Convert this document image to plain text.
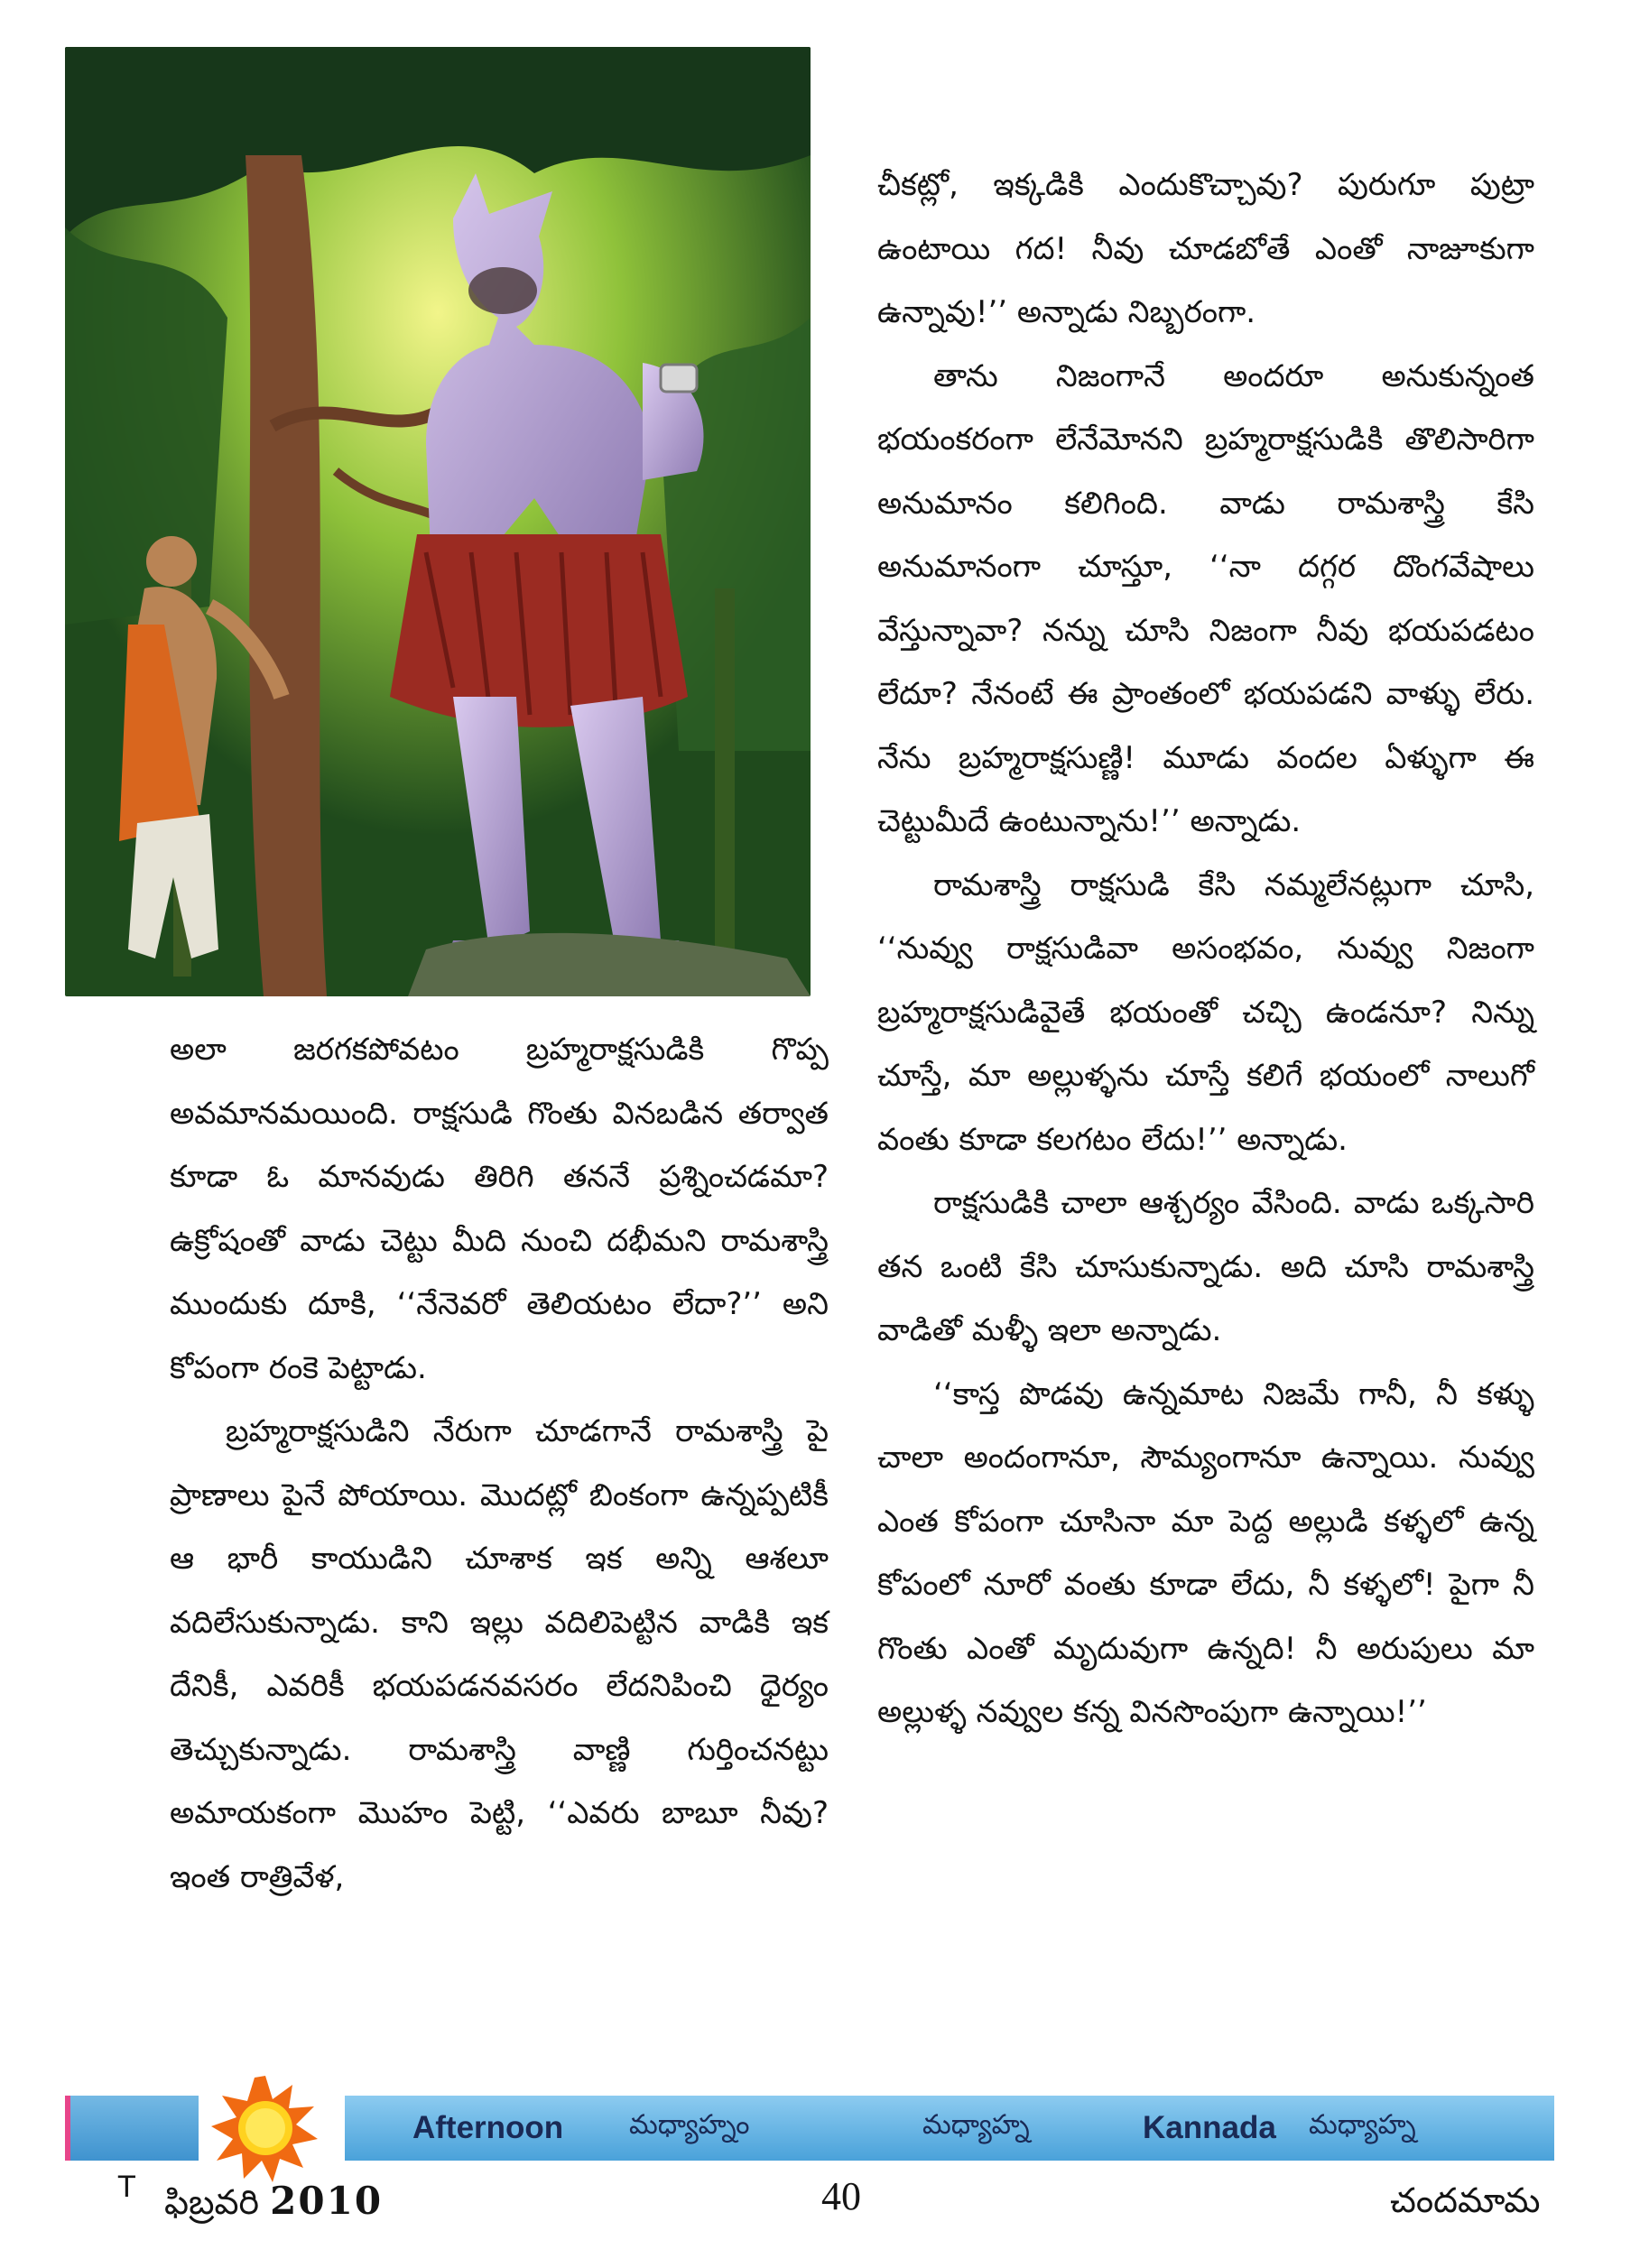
అలా జరగకపోవటం బ్రహ్మరాక్షసుడికి గొప్ప అవమానమయింది. రాక్షసుడి గొంతు వినబడిన తర్వాత కూడా ఓ మానవుడు తిరిగి తననే ప్రశ్నించడమా? ఉక్రోషంతో వాడు చెట్టు మీది నుంచి దభీమని రామశాస్త్రి ముందుకు దూకి, ‘‘నేనెవరో తెలియటం లేదా?’’ అని కోపంగా రంకె పెట్టాడు.

బ్రహ్మరాక్షసుడిని నేరుగా చూడగానే రామశాస్త్రి పై ప్రాణాలు పైనే పోయాయి. మొదట్లో బింకంగా ఉన్నప్పటికీ ఆ భారీ కాయుడిని చూశాక ఇక అన్ని ఆశలూ వదిలేసుకున్నాడు. కాని ఇల్లు వదిలిపెట్టిన వాడికి ఇక దేనికీ, ఎవరికీ భయపడనవసరం లేదనిపించి ధైర్యం తెచ్చుకున్నాడు. రామశాస్త్రి వాణ్ణి గుర్తించనట్టు అమాయకంగా మొహం పెట్టి, ‘‘ఎవరు బాబూ నీవు? ఇంత రాత్రివేళ,

చీకట్లో, ఇక్కడికి ఎందుకొచ్చావు? పురుగూ పుట్రా ఉంటాయి గద! నీవు చూడబోతే ఎంతో నాజూకుగా ఉన్నావు!’’ అన్నాడు నిబ్బరంగా.

తాను నిజంగానే అందరూ అనుకున్నంత భయంకరంగా లేనేమోనని బ్రహ్మరాక్షసుడికి తొలిసారిగా అనుమానం కలిగింది. వాడు రామశాస్త్రి కేసి అనుమానంగా చూస్తూ, ‘‘నా దగ్గర దొంగవేషాలు వేస్తున్నావా? నన్ను చూసి నిజంగా నీవు భయపడటం లేదూ? నేనంటే ఈ ప్రాంతంలో భయపడని వాళ్ళు లేరు. నేను బ్రహ్మరాక్షసుణ్ణి! మూడు వందల ఏళ్ళుగా ఈ చెట్టుమీదే ఉంటున్నాను!’’ అన్నాడు.

రామశాస్త్రి రాక్షసుడి కేసి నమ్మలేనట్లుగా చూసి, ‘‘నువ్వు రాక్షసుడివా అసంభవం, నువ్వు నిజంగా బ్రహ్మరాక్షసుడివైతే భయంతో చచ్చి ఉండనూ? నిన్ను చూస్తే, మా అల్లుళ్ళను చూస్తే కలిగే భయంలో నాలుగో వంతు కూడా కలగటం లేదు!’’ అన్నాడు.

రాక్షసుడికి చాలా ఆశ్చర్యం వేసింది. వాడు ఒక్కసారి తన ఒంటి కేసి చూసుకున్నాడు. అది చూసి రామశాస్త్రి వాడితో మళ్ళీ ఇలా అన్నాడు.

‘‘కాస్త పొడవు ఉన్నమాట నిజమే గానీ, నీ కళ్ళు చాలా అందంగానూ, సౌమ్యంగానూ ఉన్నాయి. నువ్వు ఎంత కోపంగా చూసినా మా పెద్ద అల్లుడి కళ్ళలో ఉన్న కోపంలో నూరో వంతు కూడా లేదు, నీ కళ్ళలో! పైగా నీ గొంతు ఎంతో మృదువుగా ఉన్నది! నీ అరుపులు మా అల్లుళ్ళ నవ్వుల కన్న వినసొంపుగా ఉన్నాయి!’’

Afternoon మధ్యాహ్నం	మధ్యాహ్న	Kannada మధ్యాహ్న
T ఫిబ్రవరి 2010	40	చందమామ
